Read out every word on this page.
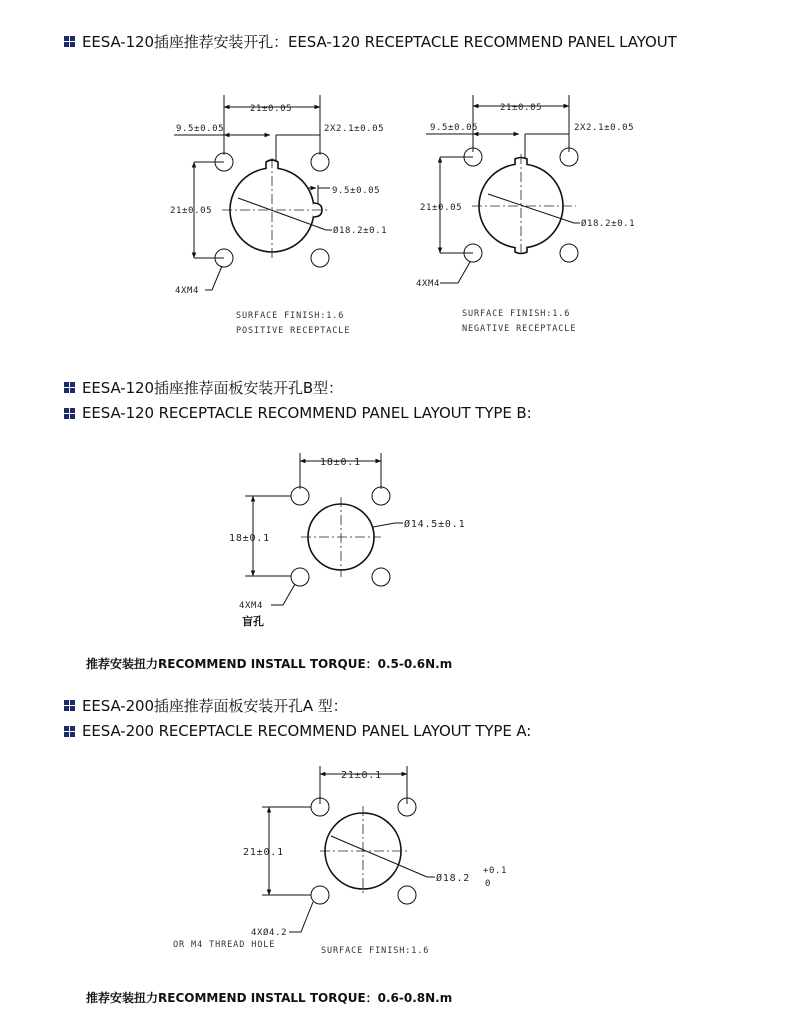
EESA-120插座推荐安装开孔：EESA-120 RECEPTACLE RECOMMEND PANEL LAYOUT
21±0.05
9.5±0.05	2X2.1±0.05
21±0.05
9.5±0.05
Ø18.2±0.1
4XM4
SURFACE FINISH:1.6
POSITIVE RECEPTACLE
21±0.05
9.5±0.05	2X2.1±0.05
21±0.05
Ø18.2±0.1
4XM4
SURFACE FINISH:1.6
NEGATIVE RECEPTACLE
EESA-120插座推荐面板安装开孔B型：
EESA-120 RECEPTACLE RECOMMEND PANEL LAYOUT TYPE B:
18±0.1
18±0.1
Ø14.5±0.1
4XM4
盲孔
推荐安装扭力RECOMMEND INSTALL TORQUE：0.5-0.6N.m
EESA-200插座推荐面板安装开孔A 型：
EESA-200 RECEPTACLE RECOMMEND PANEL LAYOUT TYPE A:
21±0.1
21±0.1
Ø18.2
+0.1
0
4XØ4.2
OR M4 THREAD HOLE
SURFACE FINISH:1.6
推荐安装扭力RECOMMEND INSTALL TORQUE：0.6-0.8N.m
